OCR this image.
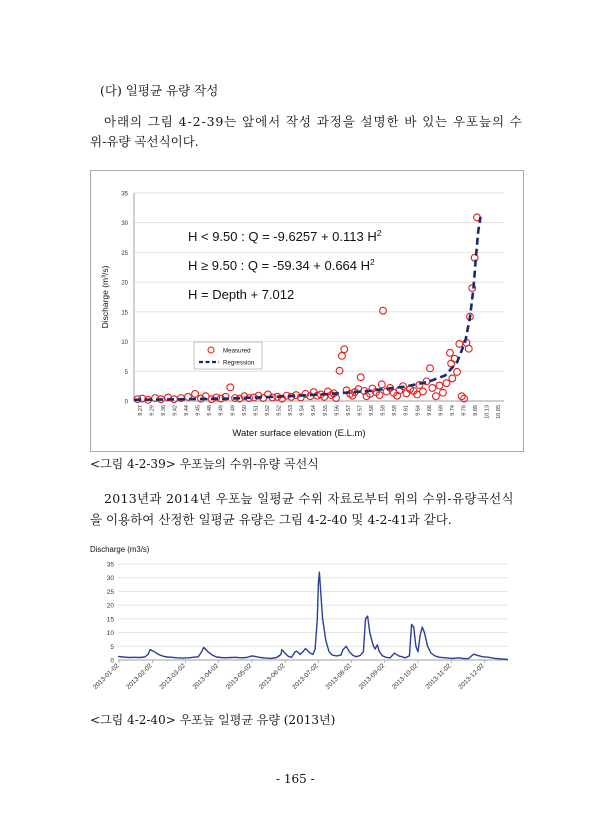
(다) 일평균 유량 작성
아래의 그림 4-2-39는 앞에서 작성 과정을 설명한 바 있는 우포늪의 수
위-유량 곡선식이다.
0
5
10
15
20
25
30
35
9.27 9.29 9.36 9.42 9.44 9.45 9.48 9.49 9.49 9.50 9.51 9.52 9.52 9.53 9.54 9.54 9.55 9.56 9.57 9.57 9.58 9.59 9.59 9.61 9.64 9.66 9.69 9.74 9.78 9.89 10.13 10.85
Water surface elevation (E.L.m)
Discharge (m³/s)
H < 9.50 : Q = -9.6257 + 0.113 $H^2$
H ≥ 9.50 : Q = -59.34 + 0.664 $H^2$
H = Depth + 7.012
Measured
Regression
<그림 4-2-39> 우포늪의 수위-유량 곡선식
2013년과 2014년 우포늪 일평균 수위 자료로부터 위의 수위-유량곡선식
을 이용하여 산정한 일평균 유량은 그림 4-2-40 및 4-2-41과 같다.
Discharge (m3/s)
0
5
10
15
20
25
30
35
2013-01-02 2013-02-02 2013-03-02 2013-04-02 2013-05-02 2013-06-02 2013-07-02 2013-08-02 2013-09-02 2013-10-02 2013-11-02 2013-12-02
<그림 4-2-40> 우포늪 일평균 유량 (2013년)
- 165 -
